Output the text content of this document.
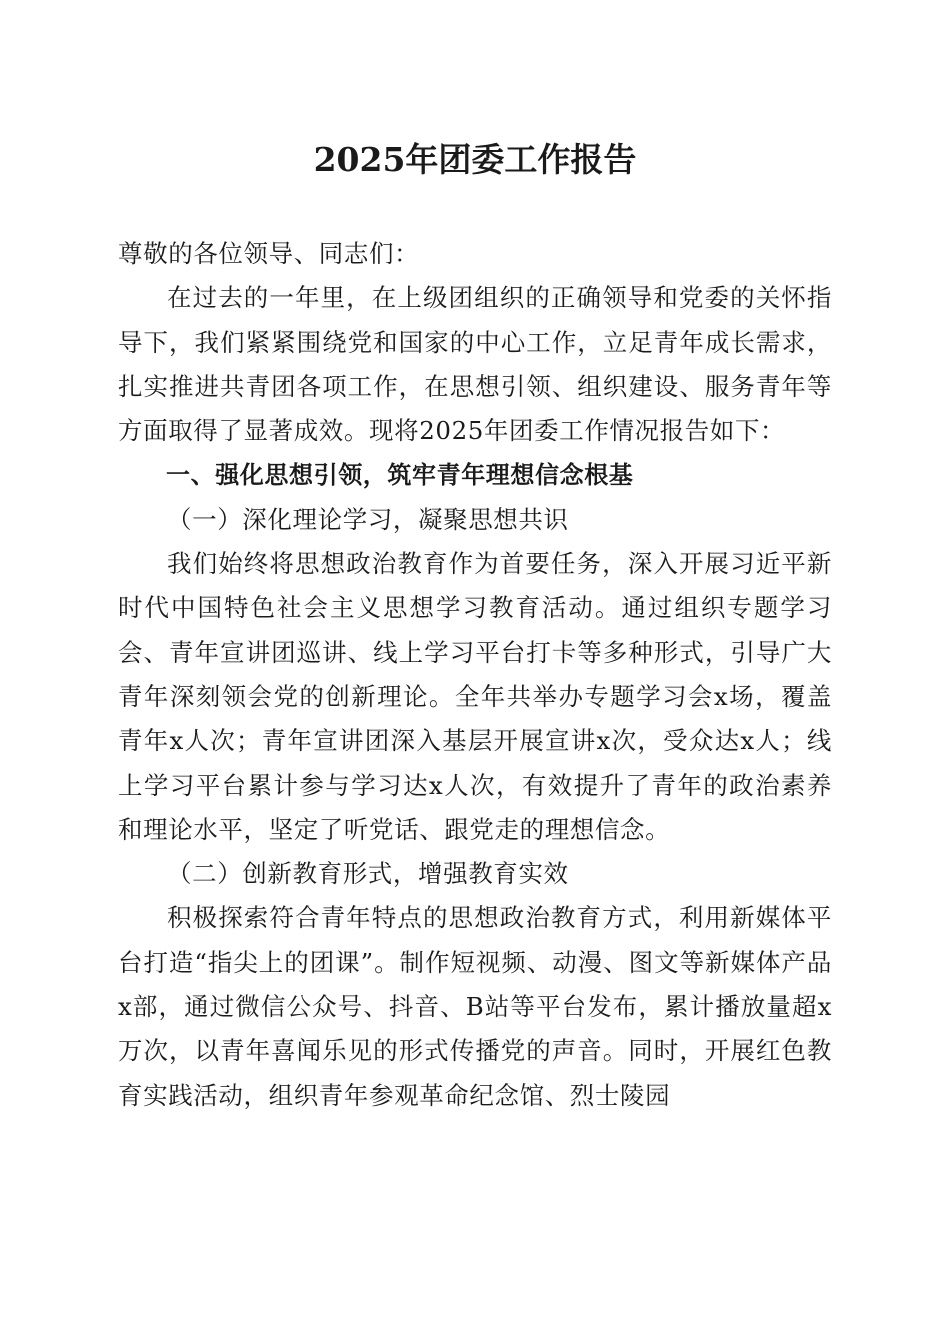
2025年团委工作报告

尊敬的各位领导、同志们：

在过去的一年里，在上级团组织的正确领导和党委的关怀指导下，我们紧紧围绕党和国家的中心工作，立足青年成长需求，扎实推进共青团各项工作，在思想引领、组织建设、服务青年等方面取得了显著成效。现将2025年团委工作情况报告如下：

一、强化思想引领，筑牢青年理想信念根基

（一）深化理论学习，凝聚思想共识

我们始终将思想政治教育作为首要任务，深入开展习近平新时代中国特色社会主义思想学习教育活动。通过组织专题学习会、青年宣讲团巡讲、线上学习平台打卡等多种形式，引导广大青年深刻领会党的创新理论。全年共举办专题学习会x场，覆盖青年x人次；青年宣讲团深入基层开展宣讲x次，受众达x人；线上学习平台累计参与学习达x人次，有效提升了青年的政治素养和理论水平，坚定了听党话、跟党走的理想信念。

（二）创新教育形式，增强教育实效

积极探索符合青年特点的思想政治教育方式，利用新媒体平台打造“指尖上的团课”。制作短视频、动漫、图文等新媒体产品x部，通过微信公众号、抖音、B站等平台发布，累计播放量超x万次，以青年喜闻乐见的形式传播党的声音。同时，开展红色教育实践活动，组织青年参观革命纪念馆、烈士陵园
